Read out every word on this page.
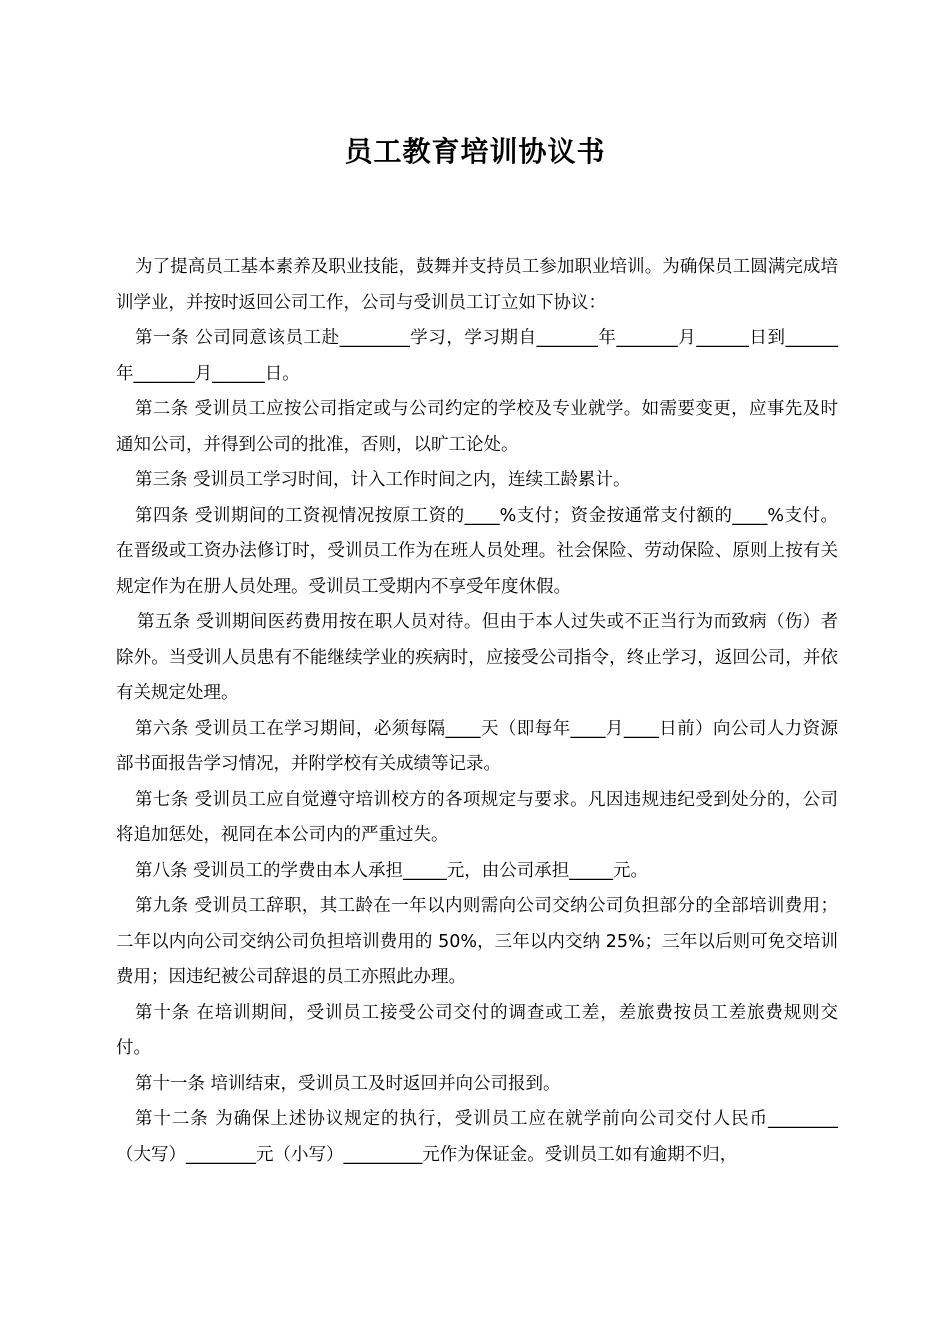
员工教育培训协议书

为了提高员工基本素养及职业技能，鼓舞并支持员工参加职业培训。为确保员工圆满完成培训学业，并按时返回公司工作，公司与受训员工订立如下协议：

第一条 公司同意该员工赴________学习，学习期自_______年_______月______日到______年_______月______日。

第二条 受训员工应按公司指定或与公司约定的学校及专业就学。如需要变更，应事先及时通知公司，并得到公司的批准，否则，以旷工论处。

第三条 受训员工学习时间，计入工作时间之内，连续工龄累计。

第四条 受训期间的工资视情况按原工资的____%支付；资金按通常支付额的____%支付。在晋级或工资办法修订时，受训员工作为在班人员处理。社会保险、劳动保险、原则上按有关规定作为在册人员处理。受训员工受期内不享受年度休假。

第五条 受训期间医药费用按在职人员对待。但由于本人过失或不正当行为而致病（伤）者除外。当受训人员患有不能继续学业的疾病时，应接受公司指令，终止学习，返回公司，并依有关规定处理。

第六条 受训员工在学习期间，必须每隔____天（即每年____月____日前）向公司人力资源部书面报告学习情况，并附学校有关成绩等记录。

第七条 受训员工应自觉遵守培训校方的各项规定与要求。凡因违规违纪受到处分的，公司将追加惩处，视同在本公司内的严重过失。

第八条 受训员工的学费由本人承担_____元，由公司承担_____元。

第九条 受训员工辞职，其工龄在一年以内则需向公司交纳公司负担部分的全部培训费用；二年以内向公司交纳公司负担培训费用的 50%，三年以内交纳 25%；三年以后则可免交培训费用；因违纪被公司辞退的员工亦照此办理。

第十条 在培训期间，受训员工接受公司交付的调查或工差，差旅费按员工差旅费规则交付。

第十一条 培训结束，受训员工及时返回并向公司报到。

第十二条 为确保上述协议规定的执行，受训员工应在就学前向公司交付人民币________（大写）________元（小写）_________元作为保证金。受训员工如有逾期不归，
